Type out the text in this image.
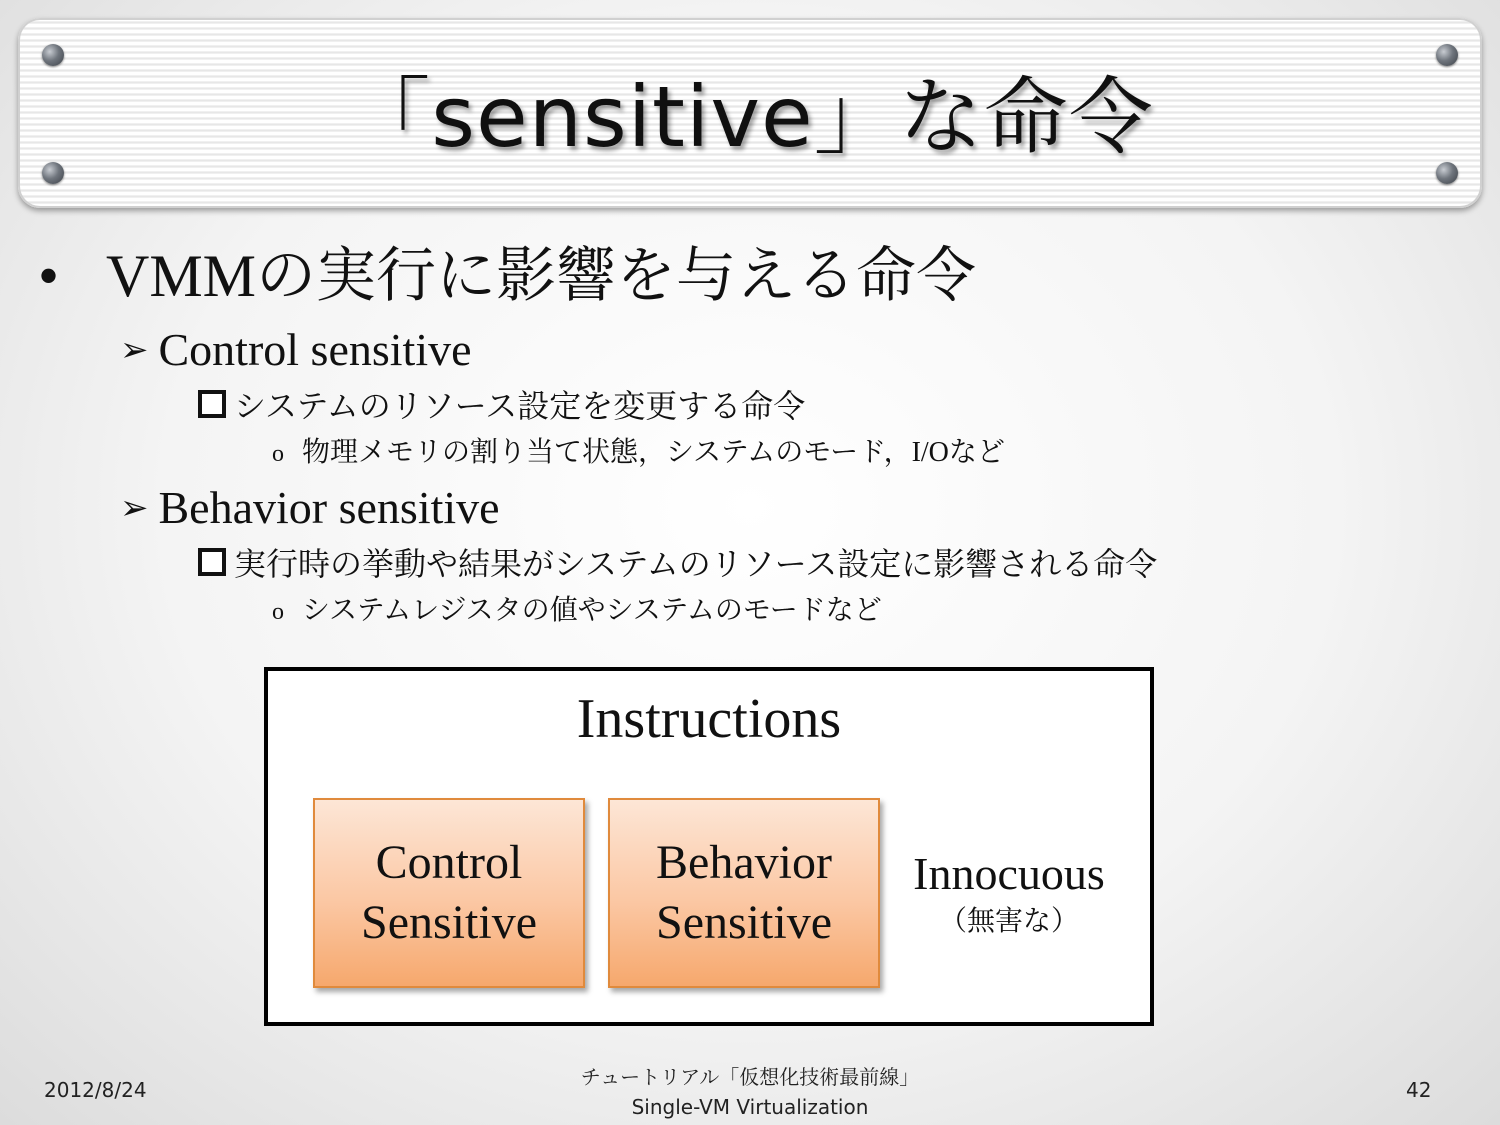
「sensitive」な命令
• VMMの実行に影響を与える命令
➢ Control sensitive
システムのリソース設定を変更する命令
o 物理メモリの割り当て状態，システムのモード，I/Oなど
➢ Behavior sensitive
実行時の挙動や結果がシステムのリソース設定に影響される命令
o システムレジスタの値やシステムのモードなど
Instructions
Control
Sensitive
Behavior
Sensitive
Innocuous
（無害な）
2012/8/24
チュートリアル「仮想化技術最前線」
Single-VM Virtualization
42
